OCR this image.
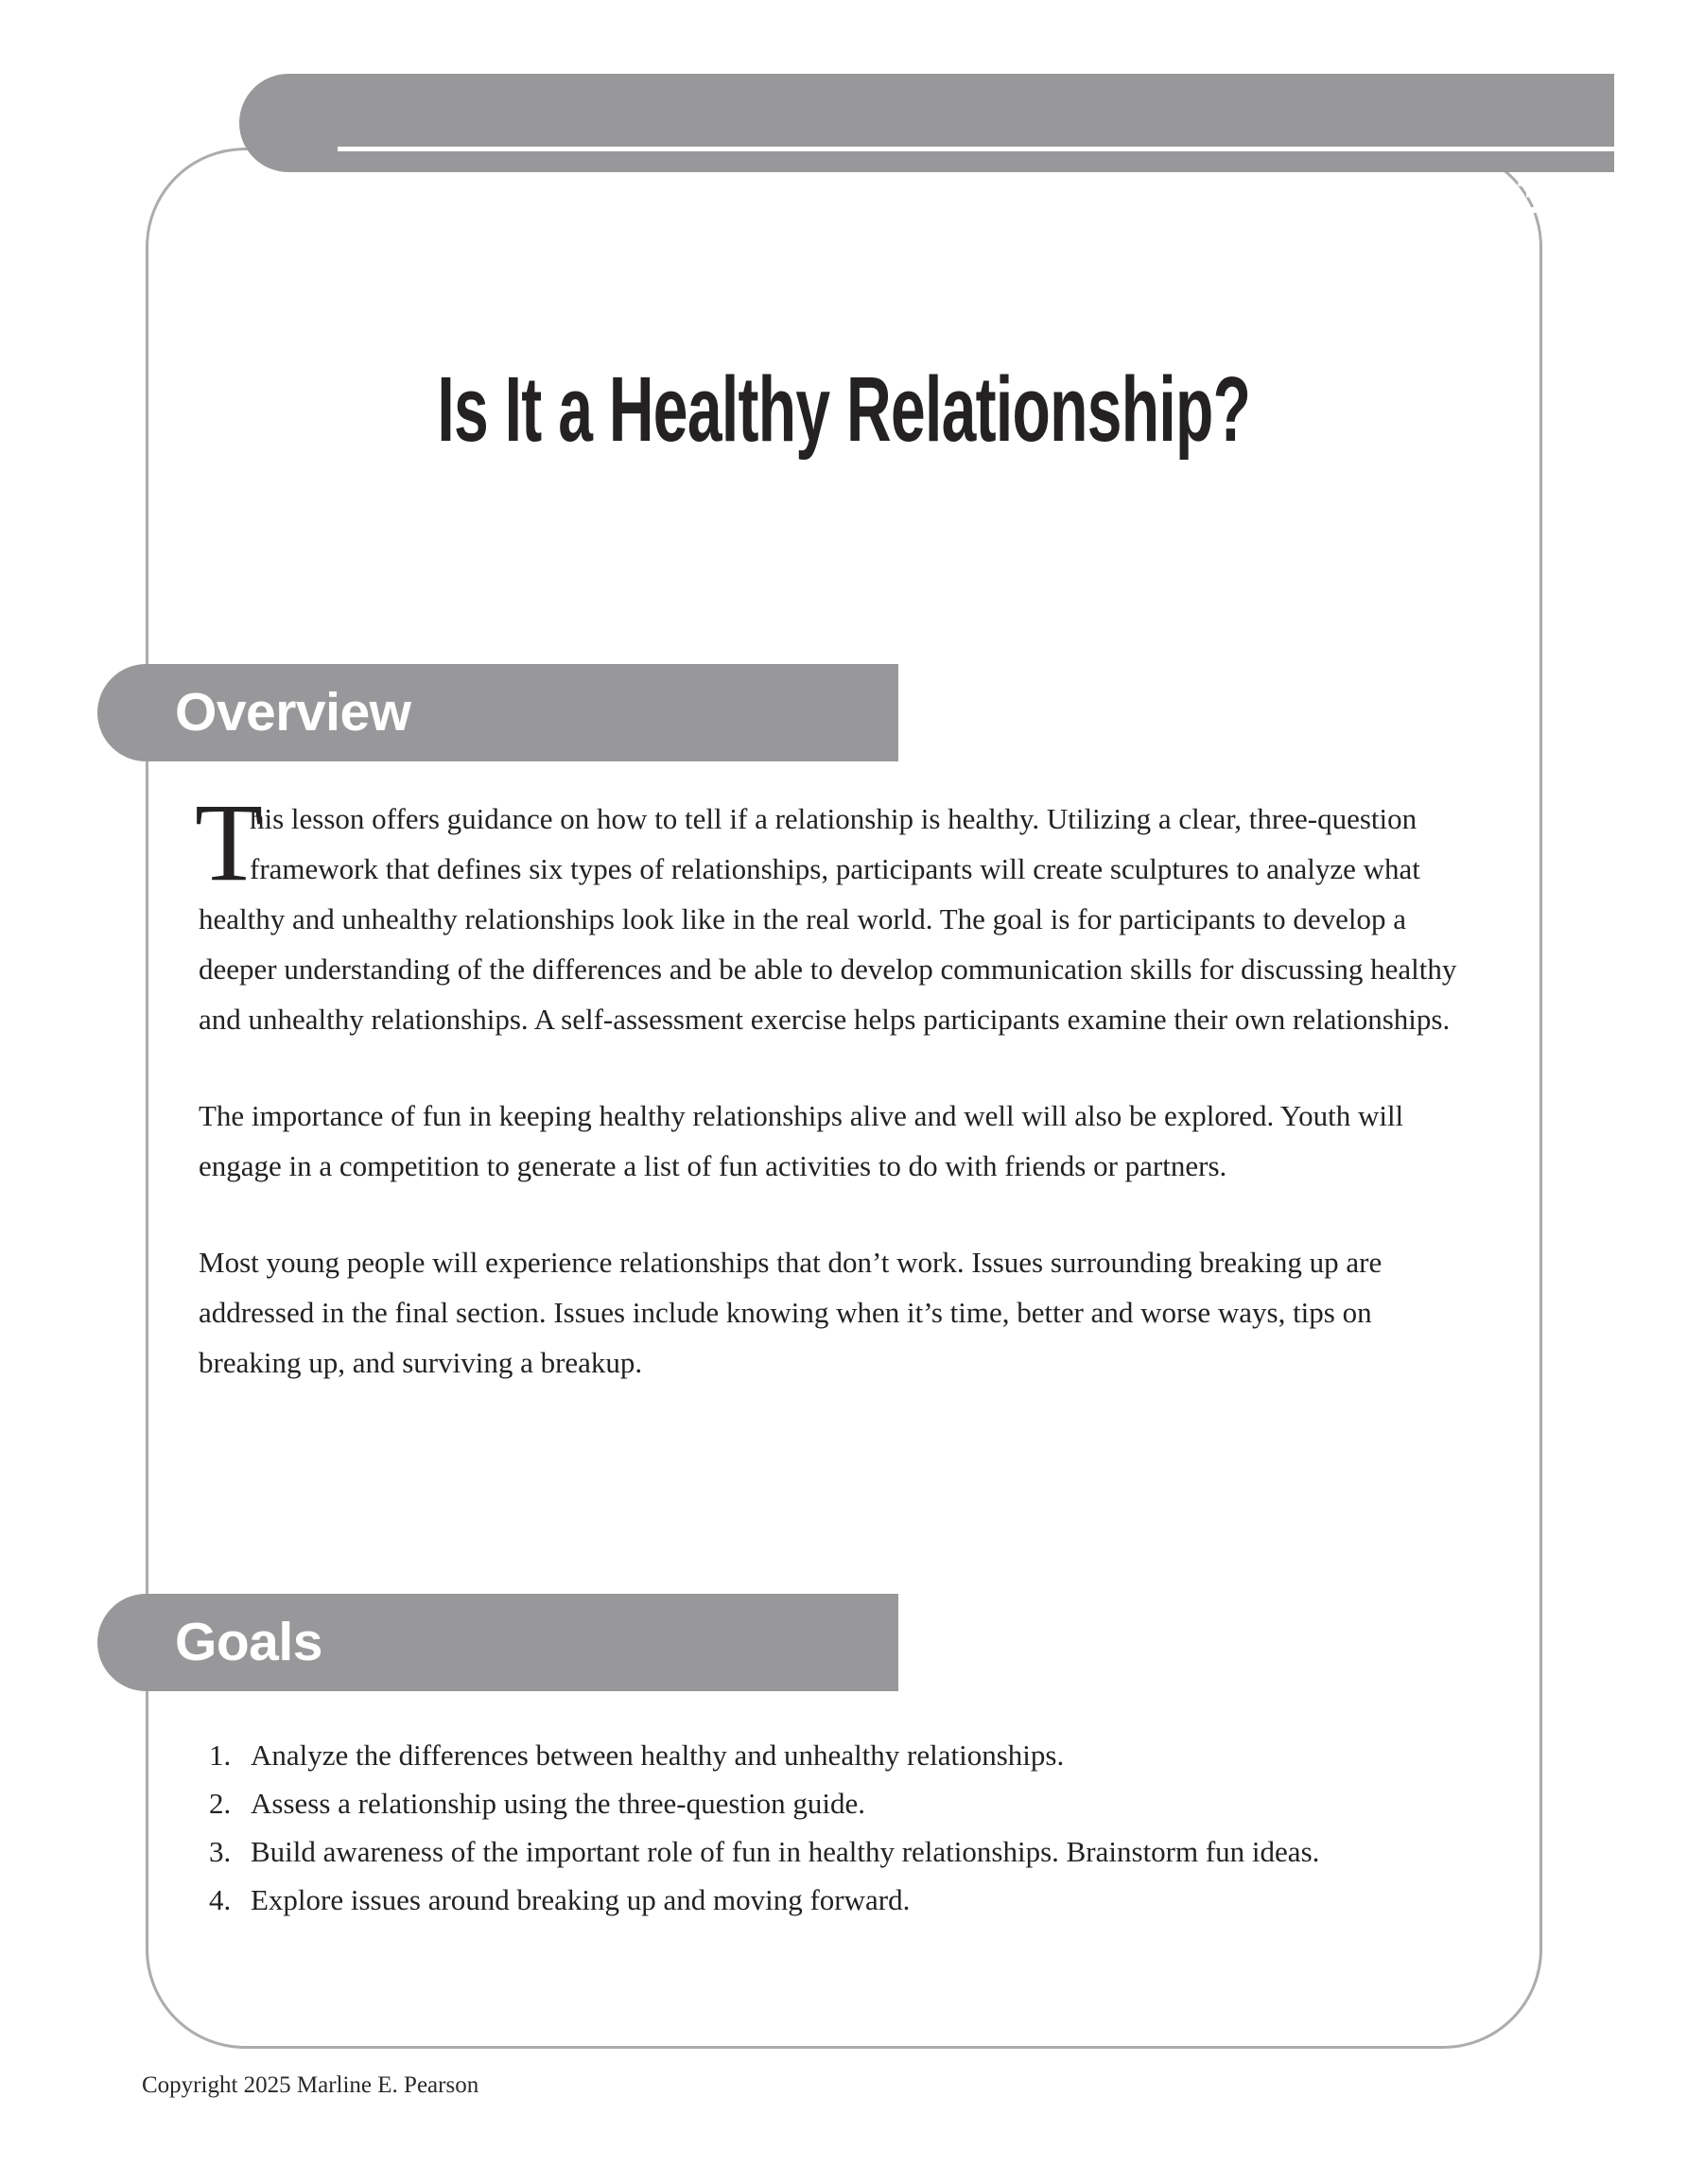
Lesson 6	113
Is It a Healthy Relationship?
Overview
T

his lesson offers guidance on how to tell if a relationship is healthy. Utilizing a clear, three-question framework that defines six types of relationships, participants will create sculptures to analyze what healthy and unhealthy relationships look like in the real world. The goal is for participants to develop a deeper understanding of the differences and be able to develop communication skills for discussing healthy and unhealthy relationships. A self-assessment exercise helps participants examine their own relationships.

The importance of fun in keeping healthy relationships alive and well will also be explored. Youth will engage in a competition to generate a list of fun activities to do with friends or partners.

Most young people will experience relationships that don’t work. Issues surrounding breaking up are addressed in the final section. Issues include knowing when it’s time, better and worse ways, tips on breaking up, and surviving a breakup.

Goals
1. Analyze the differences between healthy and unhealthy relationships.
2. Assess a relationship using the three-question guide.
3. Build awareness of the important role of fun in healthy relationships. Brainstorm fun ideas.
4. Explore issues around breaking up and moving forward.
Copyright 2025 Marline E. Pearson
